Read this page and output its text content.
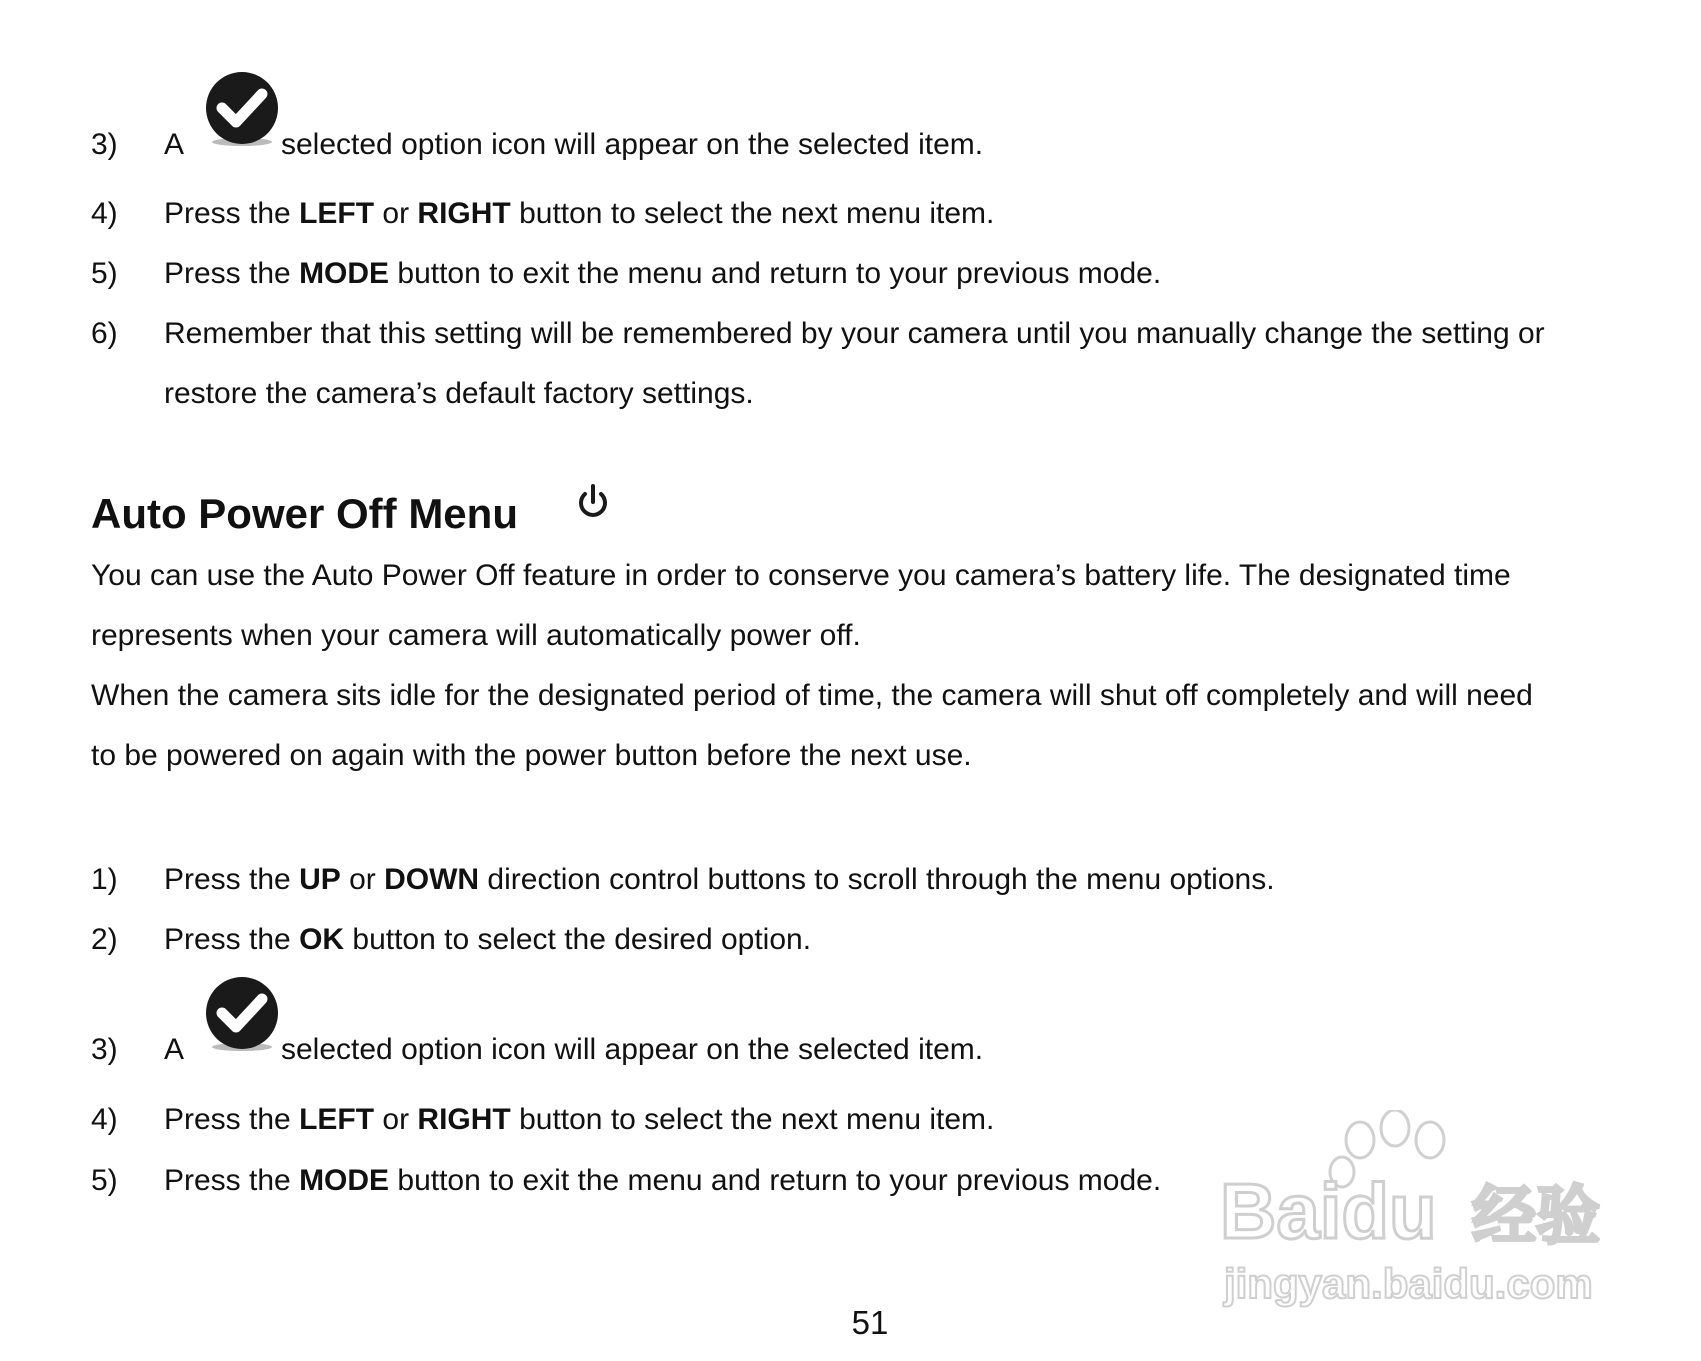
3) A	selected option icon will appear on the selected item.
4) Press the LEFT or RIGHT button to select the next menu item.
5) Press the MODE button to exit the menu and return to your previous mode.
6) Remember that this setting will be remembered by your camera until you manually change the setting or
restore the camera’s default factory settings.
Auto Power Off Menu
You can use the Auto Power Off feature in order to conserve you camera’s battery life. The designated time
represents when your camera will automatically power off.
When the camera sits idle for the designated period of time, the camera will shut off completely and will need
to be powered on again with the power button before the next use.
1) Press the UP or DOWN direction control buttons to scroll through the menu options.
2) Press the OK button to select the desired option.
3) A	selected option icon will appear on the selected item.
4) Press the LEFT or RIGHT button to select the next menu item.
5) Press the MODE button to exit the menu and return to your previous mode. Baidu 经验
jingyan.baidu.com
51
